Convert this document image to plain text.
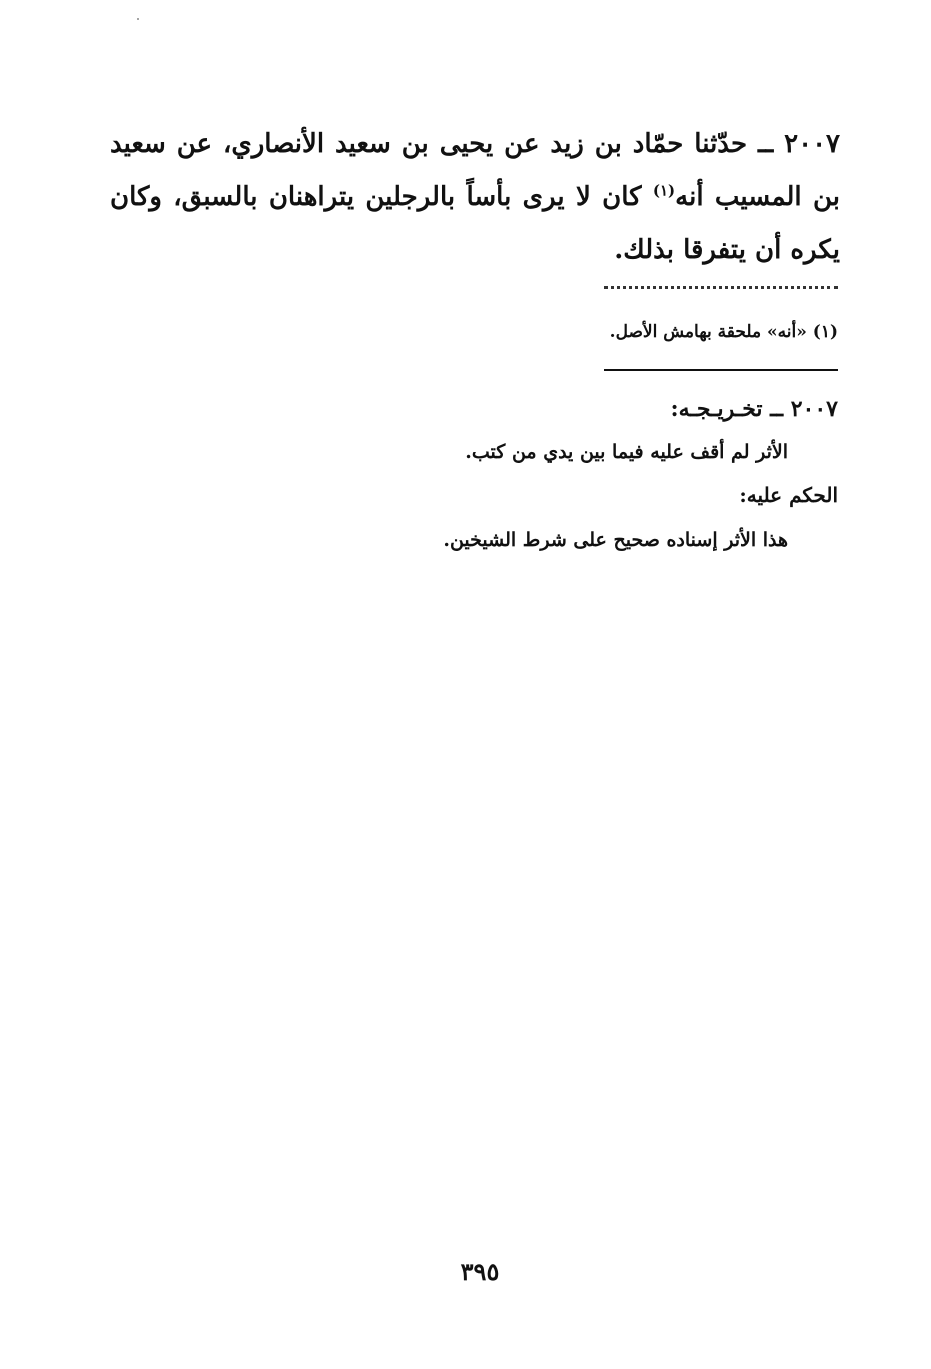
٢٠٠٧ ــ حدّثنا حمّاد بن زيد عن يحيى بن سعيد الأنصاري، عن سعيد بن المسيب أنه$^{(١)}$ كان لا يرى بأساً بالرجلين يتراهنان بالسبق، وكان يكره أن يتفرقا بذلك.

(١) «أنه» ملحقة بهامش الأصل.
٢٠٠٧ ــ تخـريـجـه:
الأثر لم أقف عليه فيما بين يدي من كتب.
الحكم عليه:
هذا الأثر إسناده صحيح على شرط الشيخين.
٣٩٥
